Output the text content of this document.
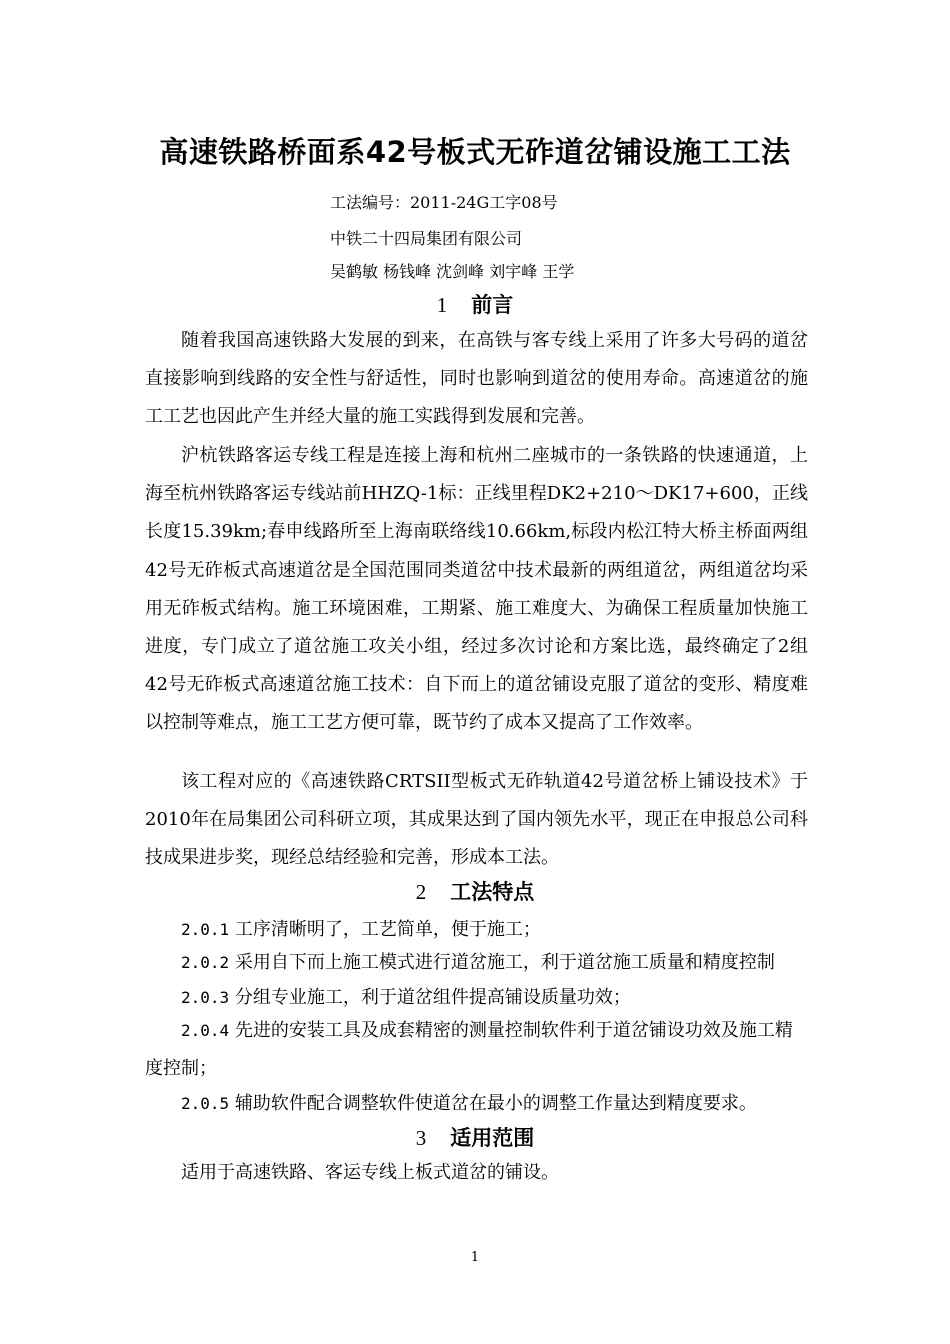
高速铁路桥面系42号板式无砟道岔铺设施工工法
工法编号：2011-24G工字08号
中铁二十四局集团有限公司
吴鹤敏 杨钱峰 沈剑峰 刘宇峰 王学
1 前言

随着我国高速铁路大发展的到来，在高铁与客专线上采用了许多大号码的道岔直接影响到线路的安全性与舒适性，同时也影响到道岔的使用寿命。高速道岔的施工工艺也因此产生并经大量的施工实践得到发展和完善。

沪杭铁路客运专线工程是连接上海和杭州二座城市的一条铁路的快速通道，上海至杭州铁路客运专线站前HHZQ-1标：正线里程DK2+210～DK17+600，正线长度15.39km;春申线路所至上海南联络线10.66km,标段内松江特大桥主桥面两组42号无砟板式高速道岔是全国范围同类道岔中技术最新的两组道岔，两组道岔均采用无砟板式结构。施工环境困难，工期紧、施工难度大、为确保工程质量加快施工进度，专门成立了道岔施工攻关小组，经过多次讨论和方案比选，最终确定了2组42号无砟板式高速道岔施工技术：自下而上的道岔铺设克服了道岔的变形、精度难以控制等难点，施工工艺方便可靠，既节约了成本又提高了工作效率。

该工程对应的《高速铁路CRTSII型板式无砟轨道42号道岔桥上铺设技术》于2010年在局集团公司科研立项，其成果达到了国内领先水平，现正在申报总公司科技成果进步奖，现经总结经验和完善，形成本工法。

2 工法特点

2.0.1 工序清晰明了，工艺简单，便于施工；

2.0.2 采用自下而上施工模式进行道岔施工，利于道岔施工质量和精度控制

2.0.3 分组专业施工，利于道岔组件提高铺设质量功效；

2.0.4 先进的安装工具及成套精密的测量控制软件利于道岔铺设功效及施工精度控制；

2.0.5 辅助软件配合调整软件使道岔在最小的调整工作量达到精度要求。

3 适用范围

适用于高速铁路、客运专线上板式道岔的铺设。

1
